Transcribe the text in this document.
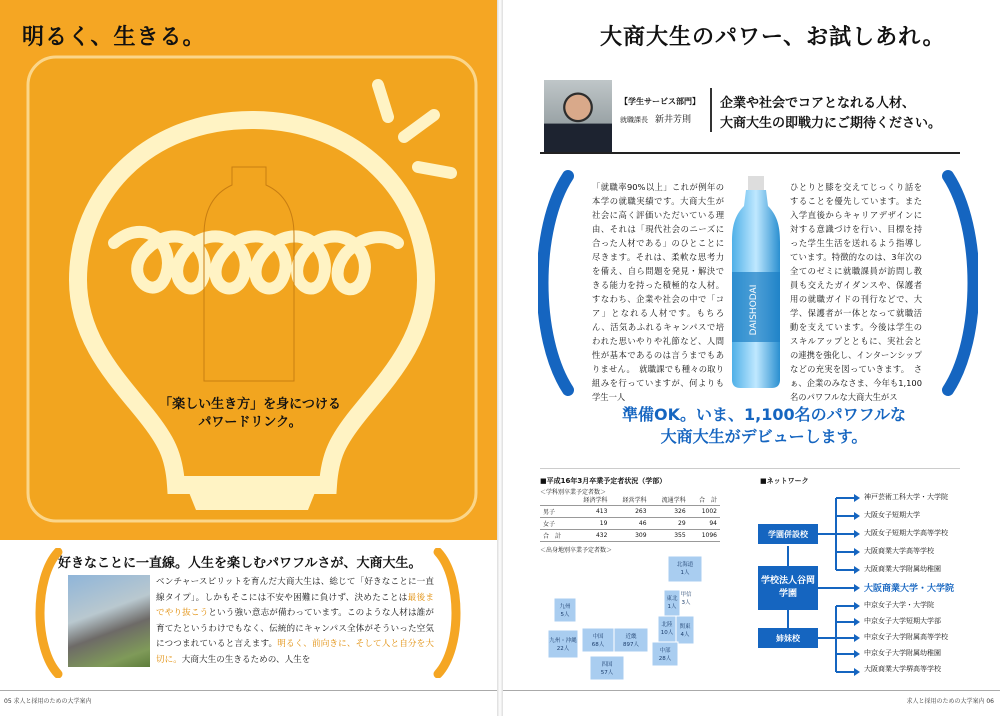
明るく、生きる。
「楽しい生き方」を身につける
パワードリンク。
好きなことに一直線。人生を楽しむパワフルさが、大商大生。
ベンチャースピリットを育んだ大商大生は、総じて「好きなことに一直線タイプ」。しかもそこには不安や困難に負けず、決めたことは最後までやり抜こうという強い意志が備わっています。このような人材は誰が育てたというわけでもなく、伝統的にキャンパス全体がそういった空気につつまれていると言えます。明るく、前向きに、そして人と自分を大切に。大商大生の生きるための、人生を
05 求人と採用のための大学案内
大商大生のパワー、お試しあれ。
【学生サービス部門】
就職課長　 新井芳則
企業や社会でコアとなれる人材、
大商大生の即戦力にご期待ください。
「就職率90%以上」これが例年の本学の就職実績です。大商大生が社会に高く評価いただいている理由、それは「現代社会のニーズに合った人材である」のひとことに尽きます。それは、柔軟な思考力を備え、自ら問題を発見・解決できる能力を持った積極的な人材。すなわち、企業や社会の中で「コア」となれる人材です。もちろん、活気あふれるキャンパスで培われた思いやりや礼節など、人間性が基本であるのは言うまでもありません。　就職課でも種々の取り組みを行っていますが、何よりも学生一人
DAISHODAI
ひとりと膝を交えてじっくり話をすることを優先しています。また入学直後からキャリアデザインに対する意識づけを行い、目標を持った学生生活を送れるよう指導しています。特徴的なのは、3年次の全てのゼミに就職課員が訪問し教員も交えたガイダンスや、保護者用の就職ガイドの刊行などで、大学、保護者が一体となって就職活動を支えています。今後は学生のスキルアップとともに、実社会との連携を強化し、インターンシップなどの充実を図っていきます。　さぁ、企業のみなさま、今年も1,100名のパワフルな大商大生がス
準備OK。いま、1,100名のパワフルな
大商大生がデビューします。
■平成16年3月卒業予定者状況（学部）
＜学科別卒業予定者数＞
	経済学科	経営学科	流通学科	合　計
男子	413	263	326	1002
女子	19	46	29	94
合　計	432	309	355	1096
＜出身地別卒業予定者数＞
北海道
1人
東北
1人
九州
5人
九州・沖縄
22人
中国
68人
近畿
897人
北陸
10人
関東
4人
甲信
3人
中部
28人
四国
57人
■ネットワーク
学園併設校
学校法人谷岡学園
姉妹校
神戸芸術工科大学・大学院
大阪女子短期大学
大阪女子短期大学高等学校
大阪商業大学高等学校
大阪商業大学附属幼稚園
大阪商業大学・大学院
中京女子大学・大学院
中京女子大学短期大学部
中京女子大学附属高等学校
中京女子大学附属幼稚園
大阪商業大学堺高等学校
求人と採用のための大学案内 06
